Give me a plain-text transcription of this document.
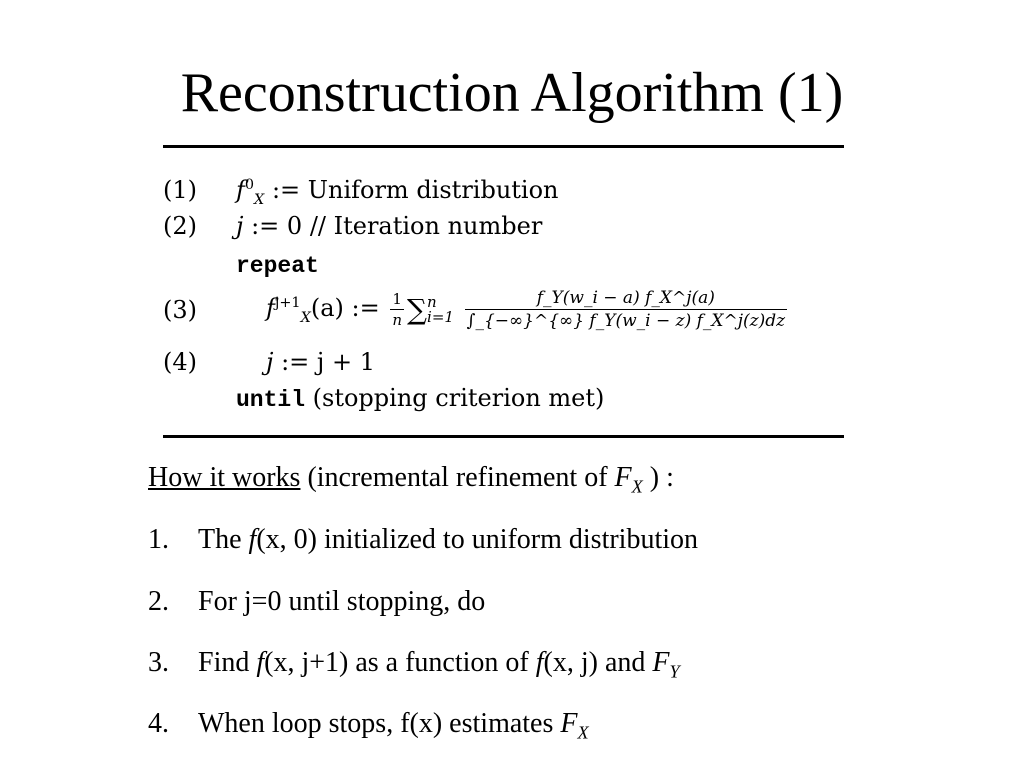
Reconstruction Algorithm (1)
(1)	$f^0_X$ := Uniform distribution
(2)	j := 0 // Iteration number
repeat
(3)	$f^{j+1}_X(a)$ := $\frac{1}{n}$ ∑ n
i=1
$\frac{f\_Y(w\_i - a) f\_X\^{}j(a)}{\int\_\{-\infty\}\^{}\{\infty\} f\_Y(w\_i - z) f\_X\^{}j(z)dz}$
(4)	j := j + 1
until (stopping criterion met)
How it works (incremental refinement of $F_X$ ) :
1. The f(x, 0) initialized to uniform distribution
2. For j=0 until stopping, do
3. Find f(x, j+1) as a function of f(x, j) and $F_Y$
4. When loop stops, f(x) estimates $F_X$
